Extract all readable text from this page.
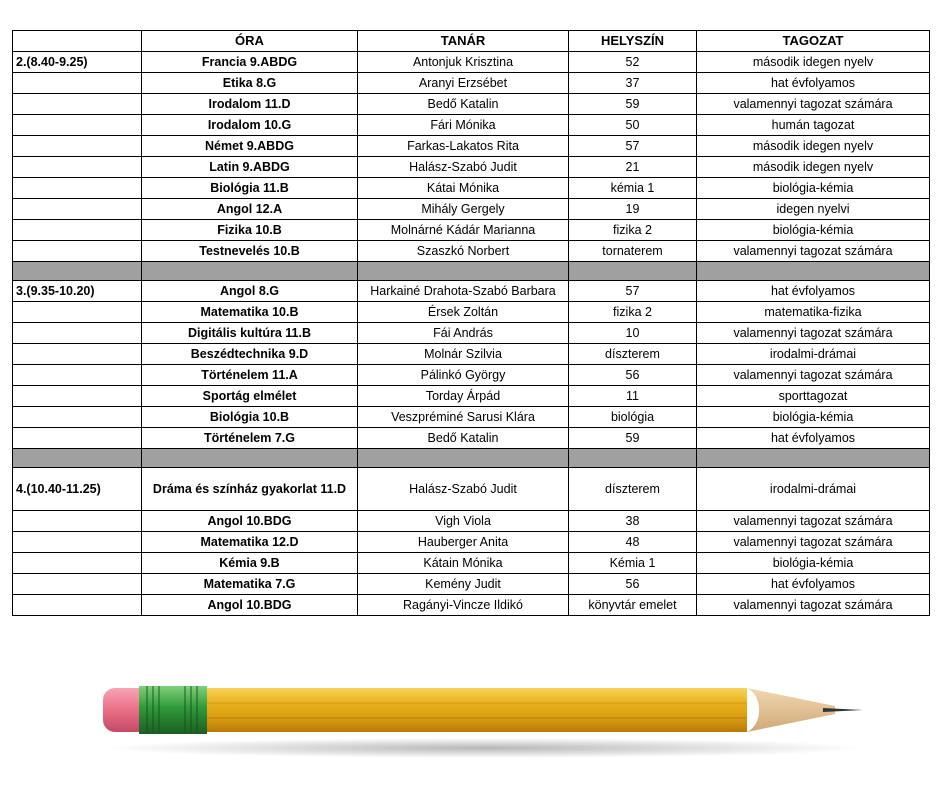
	ÓRA	TANÁR	HELYSZÍN	TAGOZAT
2.(8.40-9.25)	Francia 9.ABDG	Antonjuk Krisztina	52	második idegen nyelv
	Etika 8.G	Aranyi Erzsébet	37	hat évfolyamos
	Irodalom 11.D	Bedő Katalin	59	valamennyi tagozat számára
	Irodalom 10.G	Fári Mónika	50	humán tagozat
	Német 9.ABDG	Farkas-Lakatos Rita	57	második idegen nyelv
	Latin 9.ABDG	Halász-Szabó Judit	21	második idegen nyelv
	Biológia 11.B	Kátai Mónika	kémia 1	biológia-kémia
	Angol 12.A	Mihály Gergely	19	idegen nyelvi
	Fizika 10.B	Molnárné Kádár Marianna	fizika 2	biológia-kémia
	Testnevelés 10.B	Szaszkó Norbert	tornaterem	valamennyi tagozat számára

3.(9.35-10.20)	Angol 8.G	Harkainé Drahota-Szabó Barbara	57	hat évfolyamos
	Matematika 10.B	Érsek Zoltán	fizika 2	matematika-fizika
	Digitális kultúra 11.B	Fái András	10	valamennyi tagozat számára
	Beszédtechnika 9.D	Molnár Szilvia	díszterem	irodalmi-drámai
	Történelem 11.A	Pálinkó György	56	valamennyi tagozat számára
	Sportág elmélet	Torday Árpád	11	sporttagozat
	Biológia 10.B	Veszpréminé Sarusi Klára	biológia	biológia-kémia
	Történelem 7.G	Bedő Katalin	59	hat évfolyamos

4.(10.40-11.25)	Dráma és színház gyakorlat 11.D	Halász-Szabó Judit	díszterem	irodalmi-drámai
	Angol 10.BDG	Vigh Viola	38	valamennyi tagozat számára
	Matematika 12.D	Hauberger Anita	48	valamennyi tagozat számára
	Kémia 9.B	Kátain Mónika	Kémia 1	biológia-kémia
	Matematika 7.G	Kemény Judit	56	hat évfolyamos
	Angol 10.BDG	Ragányi-Vincze Ildikó	könyvtár emelet	valamennyi tagozat számára
